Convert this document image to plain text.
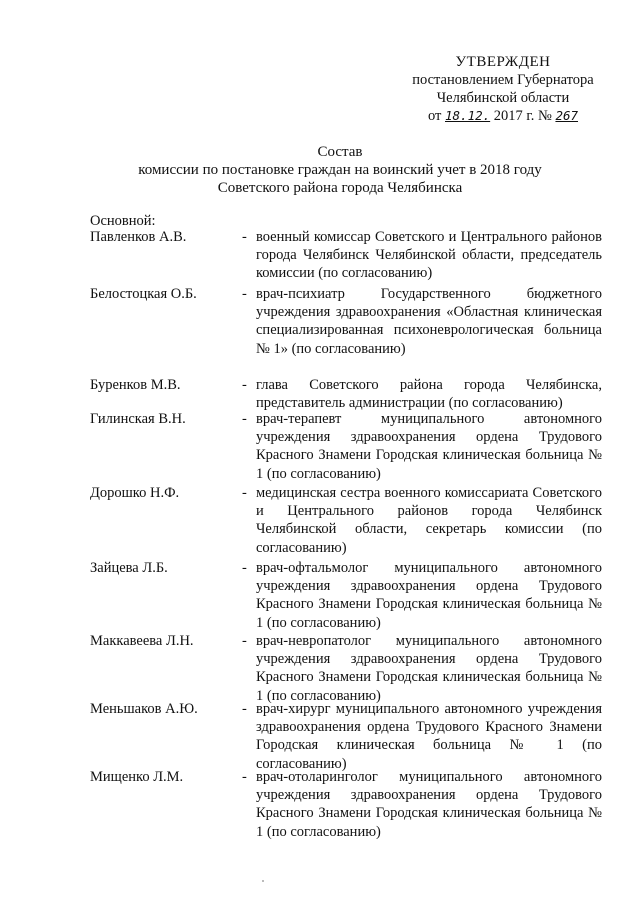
УТВЕРЖДЕН
постановлением Губернатора
Челябинской области
от 18.12. 2017 г. № 267
Состав
комиссии по постановке граждан на воинский учет в 2018 году
Советского района города Челябинска
Основной:
Павленков А.В.	- военный комиссар Советского и Центрального районов города Челябинск Челябинской области, председатель комиссии (по согласованию)
Белостоцкая О.Б.	- врач-психиатр Государственного бюджетного учреждения здравоохранения «Областная клиническая специализированная психоневрологическая больница № 1» (по согласованию)
Буренков М.В.	- глава Советского района города Челябинска, представитель администрации (по согласованию)
Гилинская В.Н.	- врач-терапевт муниципального автономного учреждения здравоохранения ордена Трудового Красного Знамени Городская клиническая больница № 1 (по согласованию)
Дорошко Н.Ф.	- медицинская сестра военного комиссариата Советского и Центрального районов города Челябинск Челябинской области, секретарь комиссии (по согласованию)
Зайцева Л.Б.	- врач-офтальмолог муниципального автономного учреждения здравоохранения ордена Трудового Красного Знамени Городская клиническая больница № 1 (по согласованию)
Маккавеева Л.Н.	- врач-невропатолог муниципального автономного учреждения здравоохранения ордена Трудового Красного Знамени Городская клиническая больница № 1 (по согласованию)
Меньшаков А.Ю.	- врач-хирург муниципального автономного учреждения здравоохранения ордена Трудового Красного Знамени Городская клиническая больница № 1 (по согласованию)
Мищенко Л.М.	- врач-отоларинголог муниципального автономного учреждения здравоохранения ордена Трудового Красного Знамени Городская клиническая больница № 1 (по согласованию)
